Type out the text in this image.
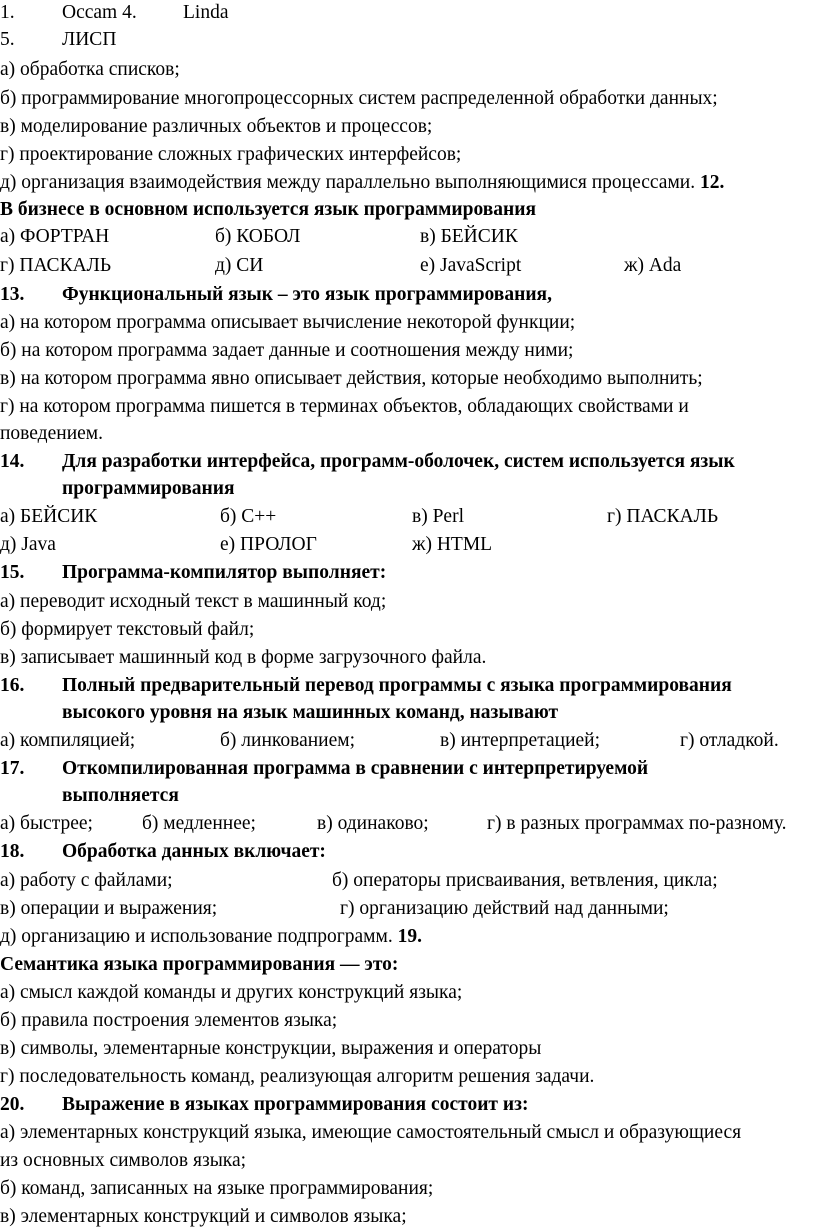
1. Occam 4. Linda
5. ЛИСП
а) обработка списков;
б) программирование многопроцессорных систем распределенной обработки данных;
в) моделирование различных объектов и процессов;
г) проектирование сложных графических интерфейсов;
д) организация взаимодействия между параллельно выполняющимися процессами. 12.
В бизнесе в основном используется язык программирования
а) ФОРТРАН	б) КОБОЛ	в) БЕЙСИК
г) ПАСКАЛЬ	д) СИ	е) JavaScript	ж) Ada
13. Функциональный язык – это язык программирования,
а) на котором программа описывает вычисление некоторой функции;
б) на котором программа задает данные и соотношения между ними;
в) на котором программа явно описывает действия, которые необходимо выполнить;
г) на котором программа пишется в терминах объектов, обладающих свойствами и
поведением.
14. Для разработки интерфейса, программ-оболочек, систем используется язык
программирования
а) БЕЙСИК	б) С++	в) Perl	г) ПАСКАЛЬ
д) Java	е) ПРОЛОГ	ж) HTML
15. Программа-компилятор выполняет:
а) переводит исходный текст в машинный код;
б) формирует текстовый файл;
в) записывает машинный код в форме загрузочного файла.
16. Полный предварительный перевод программы с языка программирования
высокого уровня на язык машинных команд, называют
а) компиляцией;	б) линкованием;	в) интерпретацией;	г) отладкой.
17. Откомпилированная программа в сравнении с интерпретируемой
выполняется
а) быстрее;	б) медленнее;	в) одинаково;	г) в разных программах по-разному.
18. Обработка данных включает:
а) работу с файлами;	б) операторы присваивания, ветвления, цикла;
в) операции и выражения;	г) организацию действий над данными;
д) организацию и использование подпрограмм. 19.
Семантика языка программирования — это:
а) смысл каждой команды и других конструкций языка;
б) правила построения элементов языка;
в) символы, элементарные конструкции, выражения и операторы
г) последовательность команд, реализующая алгоритм решения задачи.
20. Выражение в языках программирования состоит из:
а) элементарных конструкций языка, имеющие самостоятельный смысл и образующиеся
из основных символов языка;
б) команд, записанных на языке программирования;
в) элементарных конструкций и символов языка;
